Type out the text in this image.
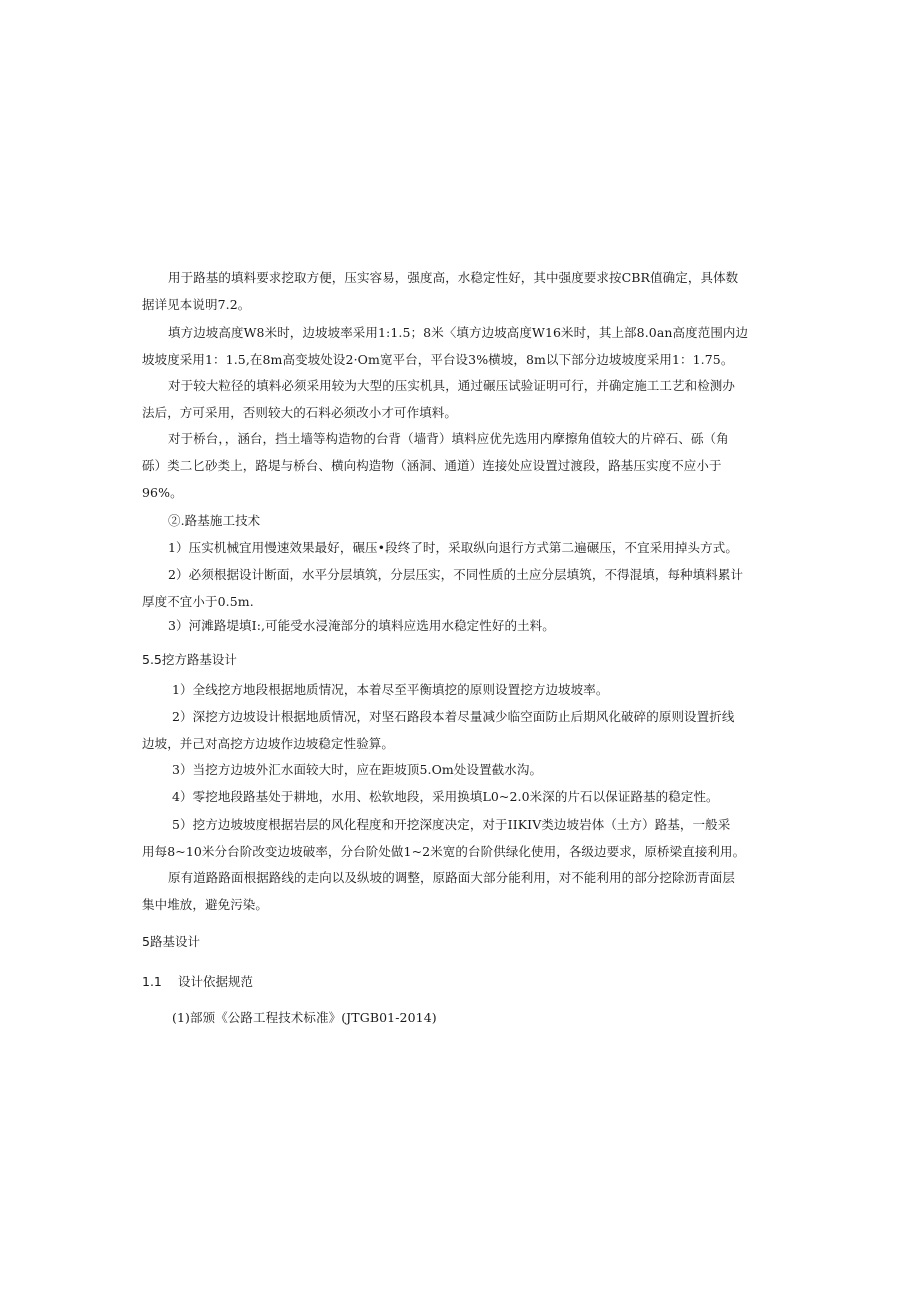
用于路基的填料要求挖取方便，压实容易，强度高，水稳定性好，其中强度要求按CBR值确定，具体数
据详见本说明7.2。
填方边坡高度W8米时，边坡坡率采用1:1.5；8米〈填方边坡高度W16米时，其上部8.0an高度范围内边
坡坡度采用1：1.5,在8m高变坡处设2·Om宽平台，平台设3%横坡，8m以下部分边坡坡度采用1：1.75。
对于较大粒径的填料必须采用较为大型的压实机具，通过碾压试验证明可行，并确定施工工艺和检测办
法后，方可采用，否则较大的石料必须改小才可作填料。
对于桥台，，涵台，挡土墙等构造物的台背（墙背）填料应优先选用内摩擦角值较大的片碎石、砾（角
砾）类二匕砂类上，路堤与桥台、横向构造物（涵洞、通道）连接处应设置过渡段，路基压实度不应小于
96%。
②.路基施工技术
1）压实机械宜用慢速效果最好，碾压•段终了时，采取纵向退行方式第二遍碾压，不宜采用掉头方式。
2）必须根据设计断面，水平分层填筑，分层压实，不同性质的土应分层填筑，不得混填，每种填料累计
厚度不宜小于0.5m.
3）河滩路堤填I:,可能受水浸淹部分的填料应选用水稳定性好的土料。
5.5挖方路基设计
1）全线挖方地段根据地质情况，本着尽至平衡填挖的原则设置挖方边坡坡率。
2）深挖方边坡设计根据地质情况，对坚石路段本着尽量减少临空面防止后期风化破碎的原则设置折线
边坡，并己对高挖方边坡作边坡稳定性验算。
3）当挖方边坡外汇水面较大时，应在距坡顶5.Om处设置截水沟。
4）零挖地段路基处于耕地，水用、松软地段，采用换填L0~2.0米深的片石以保证路基的稳定性。
5）挖方边坡坡度根据岩层的风化程度和开挖深度决定，对于IIKIV类边坡岩体（土方）路基，一般采
用每8~10米分台阶改变边坡破率，分台阶处做1~2米宽的台阶供绿化使用，各级边要求，原桥梁直接利用。
原有道路路面根据路线的走向以及纵坡的调整，原路面大部分能利用，对不能利用的部分挖除沥青面层
集中堆放，避免污染。
5路基设计
1.1 设计依据规范
(1)部颁《公路工程技术标准》(JTGB01-2014)
